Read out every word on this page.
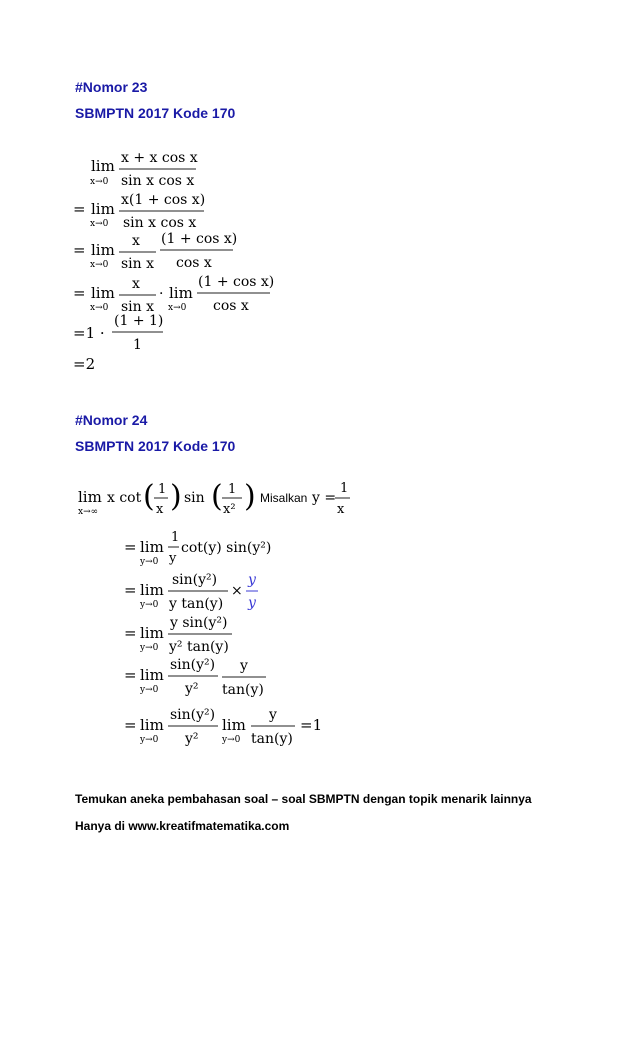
#Nomor 23
SBMPTN 2017 Kode 170
lim
x→0
x + x cos x
sin x cos x
= lim
x→0
x(1 + cos x)
sin x cos x
= lim
x→0
x
sin x
(1 + cos x)
cos x
= lim
x→0
x
sin x
· lim
x→0
(1 + cos x)
cos x
=1 ·
(1 + 1)
1
=2
#Nomor 24
SBMPTN 2017 Kode 170
lim
x→∞
x cot ( 1
x ) sin ( 1
x² ) Misalkan y =
1
x
= lim
y→0
1
y
cot(y) sin(y²)
= lim
y→0
sin(y²)
y tan(y)
×
y
y
= lim
y→0
y sin(y²)
y² tan(y)
= lim
y→0
sin(y²)
y²
y
tan(y)
= lim
y→0
sin(y²)
y²
lim
y→0
y
tan(y)
=1
Temukan aneka pembahasan soal – soal SBMPTN dengan topik menarik lainnya
Hanya di www.kreatifmatematika.com
